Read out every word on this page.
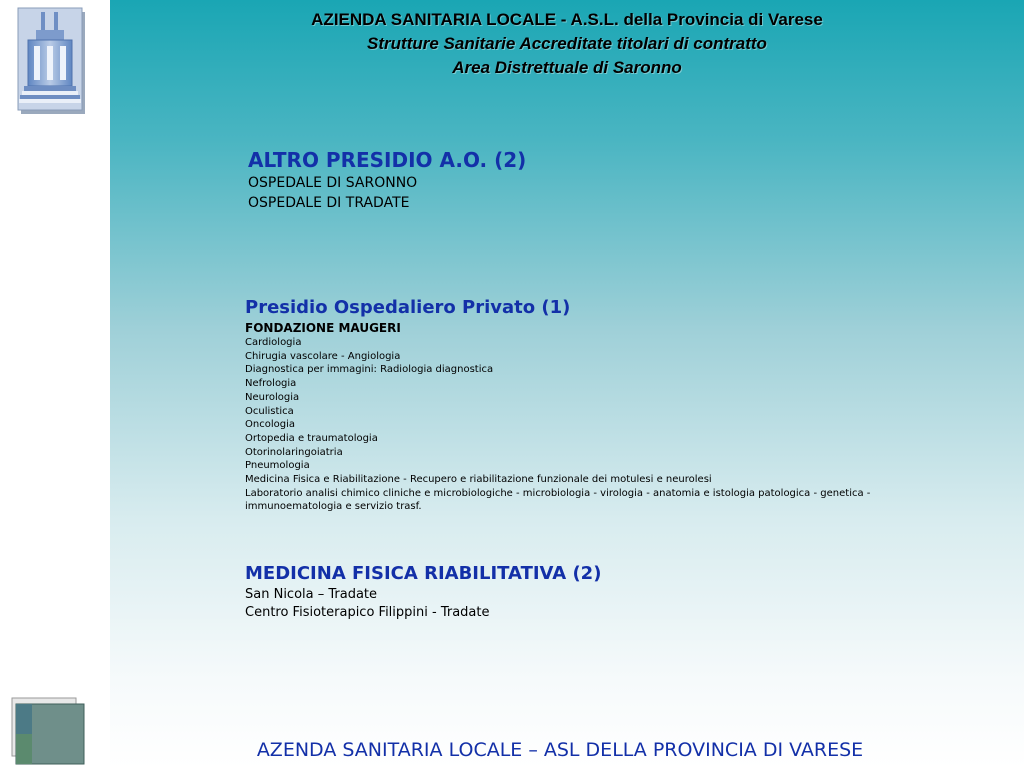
AZIENDA SANITARIA LOCALE - A.S.L. della Provincia di Varese
Strutture Sanitarie Accreditate titolari di contratto
Area Distrettuale di Saronno
ALTRO PRESIDIO A.O. (2)
OSPEDALE DI SARONNO
OSPEDALE DI TRADATE
Presidio Ospedaliero Privato (1)
FONDAZIONE MAUGERI
Cardiologia
Chirugia vascolare - Angiologia
Diagnostica per immagini: Radiologia diagnostica
Nefrologia
Neurologia
Oculistica
Oncologia
Ortopedia e traumatologia
Otorinolaringoiatria
Pneumologia
Medicina Fisica e Riabilitazione - Recupero e riabilitazione funzionale dei motulesi e neurolesi
Laboratorio analisi chimico cliniche e microbiologiche - microbiologia - virologia - anatomia e istologia patologica - genetica - immunoematologia e servizio trasf.
MEDICINA FISICA RIABILITATIVA (2)
San Nicola – Tradate
Centro Fisioterapico Filippini - Tradate
AZENDA SANITARIA LOCALE – ASL DELLA PROVINCIA DI VARESE
